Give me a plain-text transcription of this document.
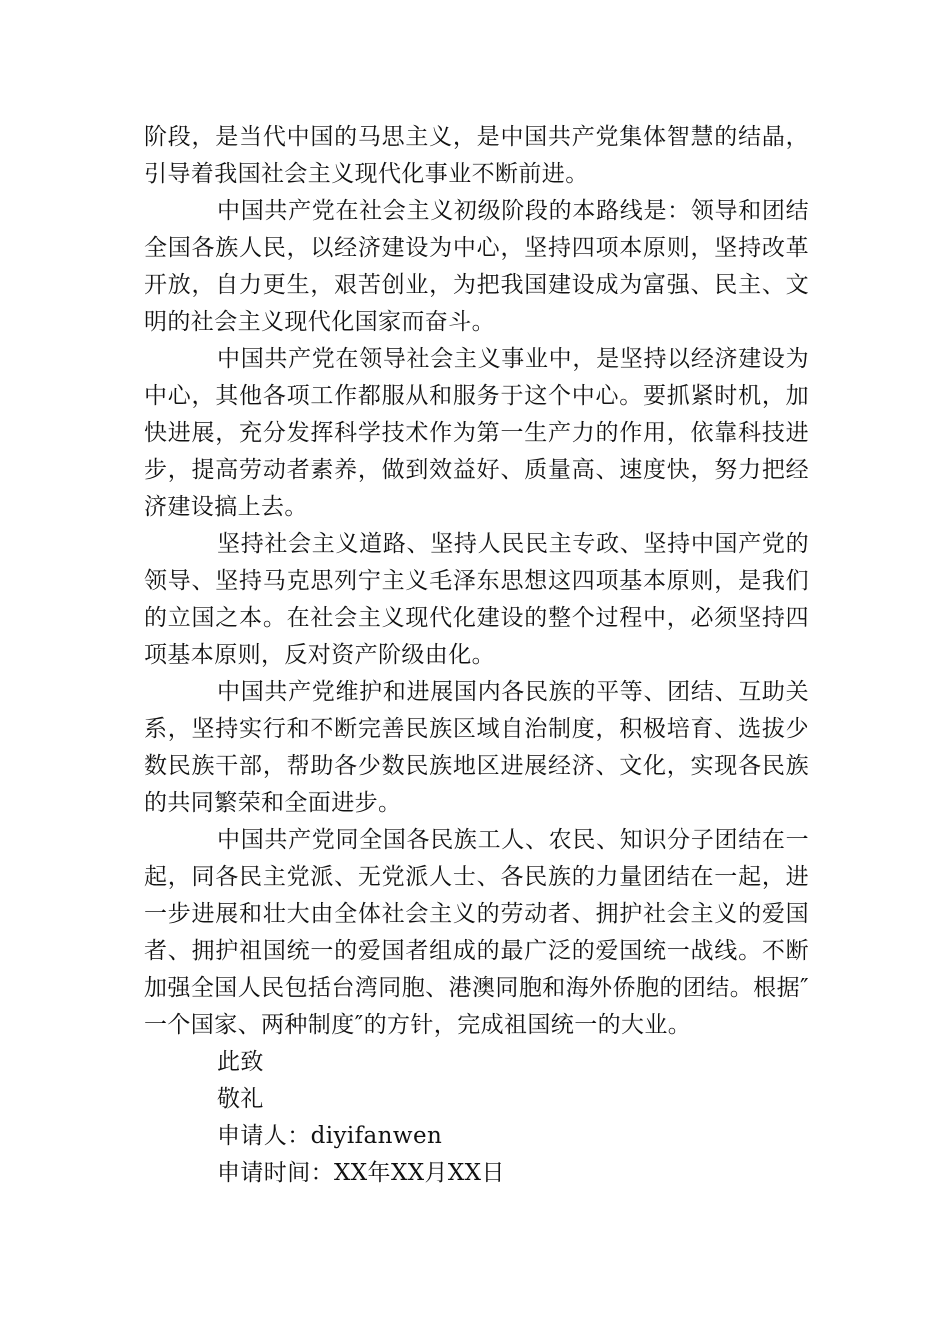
阶段，是当代中国的马思主义，是中国共产党集体智慧的结晶，引导着我国社会主义现代化事业不断前进。

中国共产党在社会主义初级阶段的本路线是：领导和团结全国各族人民，以经济建设为中心，坚持四项本原则，坚持改革开放，自力更生，艰苦创业，为把我国建设成为富强、民主、文明的社会主义现代化国家而奋斗。

中国共产党在领导社会主义事业中，是坚持以经济建设为中心，其他各项工作都服从和服务于这个中心。要抓紧时机，加快进展，充分发挥科学技术作为第一生产力的作用，依靠科技进步，提高劳动者素养，做到效益好、质量高、速度快，努力把经济建设搞上去。

坚持社会主义道路、坚持人民民主专政、坚持中国产党的领导、坚持马克思列宁主义毛泽东思想这四项基本原则，是我们的立国之本。在社会主义现代化建设的整个过程中，必须坚持四项基本原则，反对资产阶级由化。

中国共产党维护和进展国内各民族的平等、团结、互助关系，坚持实行和不断完善民族区域自治制度，积极培育、选拔少数民族干部，帮助各少数民族地区进展经济、文化，实现各民族的共同繁荣和全面进步。

中国共产党同全国各民族工人、农民、知识分子团结在一起，同各民主党派、无党派人士、各民族的力量团结在一起，进一步进展和壮大由全体社会主义的劳动者、拥护社会主义的爱国者、拥护祖国统一的爱国者组成的最广泛的爱国统一战线。不断加强全国人民包括台湾同胞、港澳同胞和海外侨胞的团结。根据″一个国家、两种制度″的方针，完成祖国统一的大业。

此致

敬礼

申请人：diyifanwen

申请时间：XX年XX月XX日
